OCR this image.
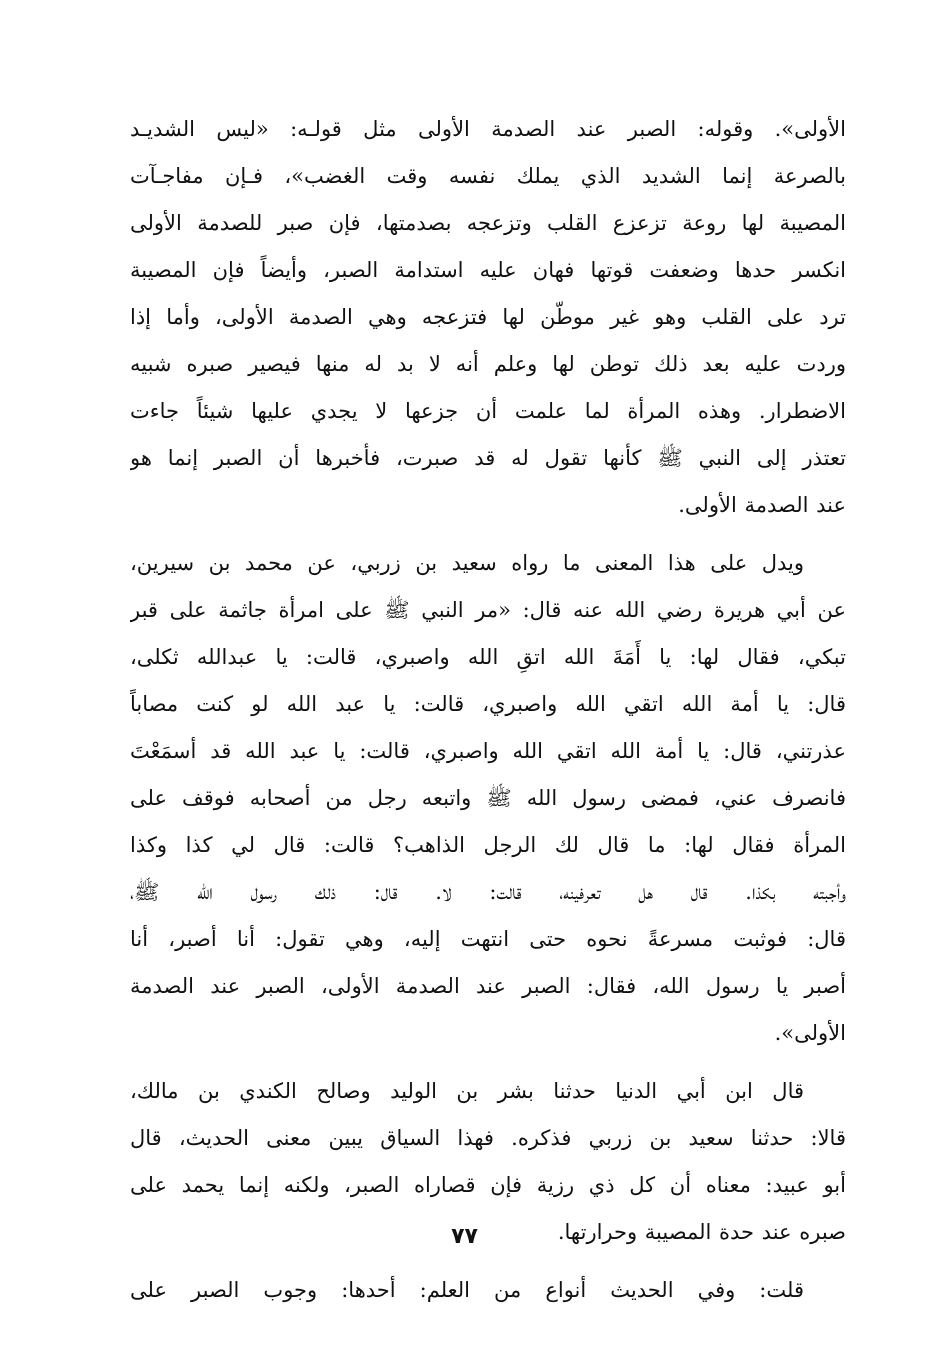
الأولى». وقوله: الصبر عند الصدمة الأولى مثل قولـه: «ليس الشديـد
بالصرعة إنما الشديد الذي يملك نفسه وقت الغضب»، فـإن مفاجـآت
المصيبة لها روعة تزعزع القلب وتزعجه بصدمتها، فإن صبر للصدمة الأولى
انكسر حدها وضعفت قوتها فهان عليه استدامة الصبر، وأيضاً فإن المصيبة
ترد على القلب وهو غير موطّن لها فتزعجه وهي الصدمة الأولى، وأما إذا
وردت عليه بعد ذلك توطن لها وعلم أنه لا بد له منها فيصير صبره شبيه
الاضطرار. وهذه المرأة لما علمت أن جزعها لا يجدي عليها شيئاً جاءت
تعتذر إلى النبي ﷺ كأنها تقول له قد صبرت، فأخبرها أن الصبر إنما هو
عند الصدمة الأولى.
ويدل على هذا المعنى ما رواه سعيد بن زربي، عن محمد بن سيرين،
عن أبي هريرة رضي الله عنه قال: «مر النبي ﷺ على امرأة جاثمة على قبر
تبكي، فقال لها: يا أَمَةَ الله اتقِ الله واصبري، قالت: يا عبدالله ثكلى،
قال: يا أمة الله اتقي الله واصبري، قالت: يا عبد الله لو كنت مصاباً
عذرتني، قال: يا أمة الله اتقي الله واصبري، قالت: يا عبد الله قد أسمَعْتَ
فانصرف عني، فمضى رسول الله ﷺ واتبعه رجل من أصحابه فوقف على
المرأة فقال لها: ما قال لك الرجل الذاهب؟ قالت: قال لي كذا وكذا
وأجبته بكذا. قال هل تعرفينه، قالت: لا. قال: ذلك رسول الله ﷺ،
قال: فوثبت مسرعةً نحوه حتى انتهت إليه، وهي تقول: أنا أصبر، أنا
أصبر يا رسول الله، فقال: الصبر عند الصدمة الأولى، الصبر عند الصدمة
الأولى».
قال ابن أبي الدنيا حدثنا بشر بن الوليد وصالح الكندي بن مالك،
قالا: حدثنا سعيد بن زربي فذكره. فهذا السياق يبين معنى الحديث، قال
أبو عبيد: معناه أن كل ذي رزية فإن قصاراه الصبر، ولكنه إنما يحمد على
صبره عند حدة المصيبة وحرارتها.
قلت: وفي الحديث أنواع من العلم: أحدها: وجوب الصبر على
٧٧
